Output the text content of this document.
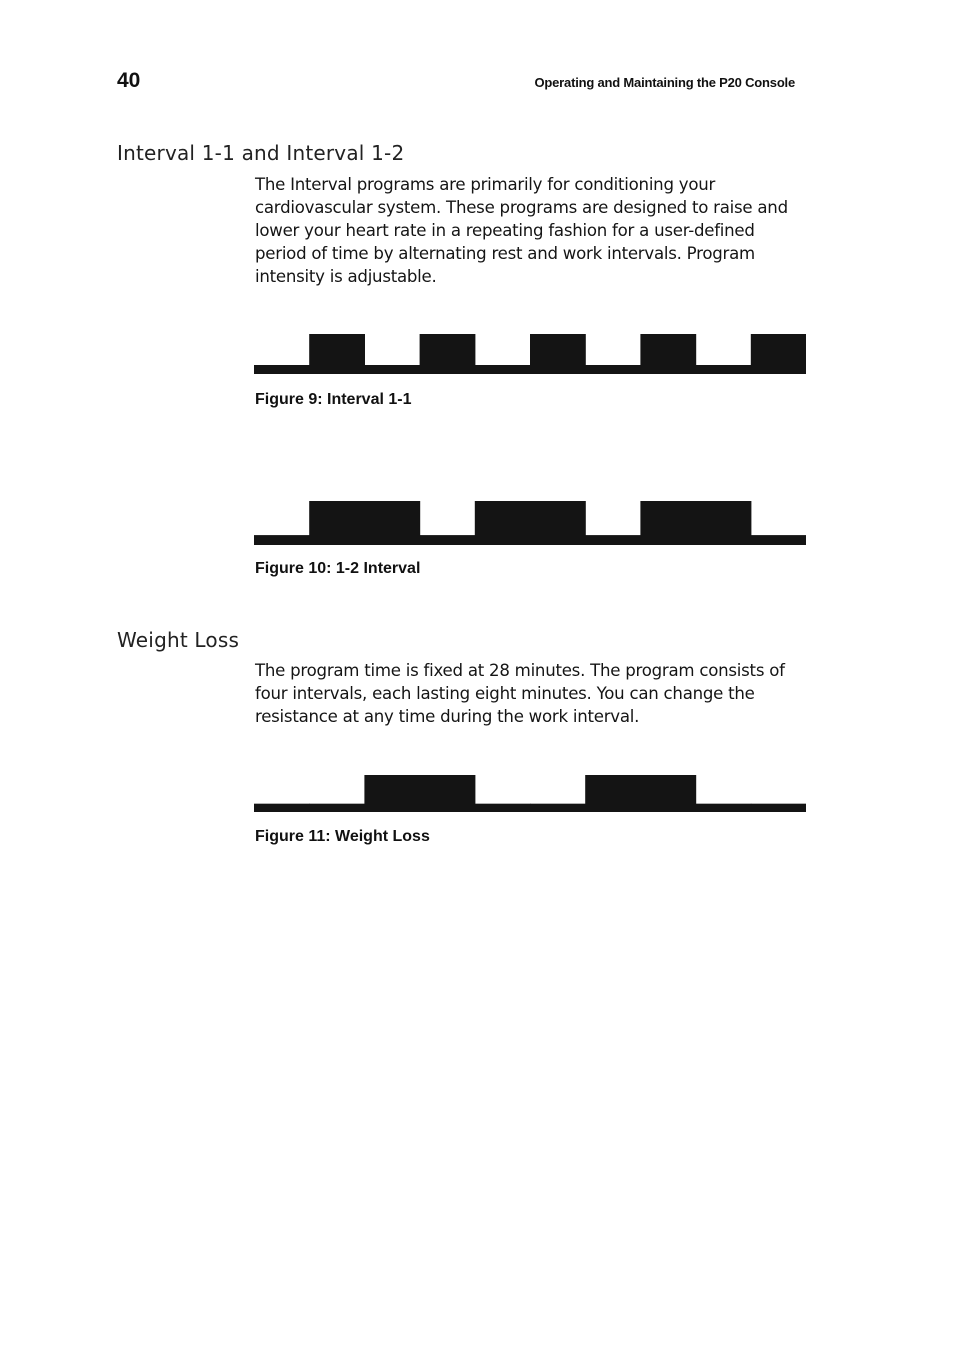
40	Operating and Maintaining the P20 Console
Interval 1-1 and Interval 1-2

The Interval programs are primarily for conditioning your cardiovascular system. These programs are designed to raise and lower your heart rate in a repeating fashion for a user-defined period of time by alternating rest and work intervals. Program intensity is adjustable.

Figure 9: Interval 1-1

Figure 10: 1-2 Interval

Weight Loss

The program time is fixed at 28 minutes. The program consists of four intervals, each lasting eight minutes. You can change the resistance at any time during the work interval.

Figure 11: Weight Loss
